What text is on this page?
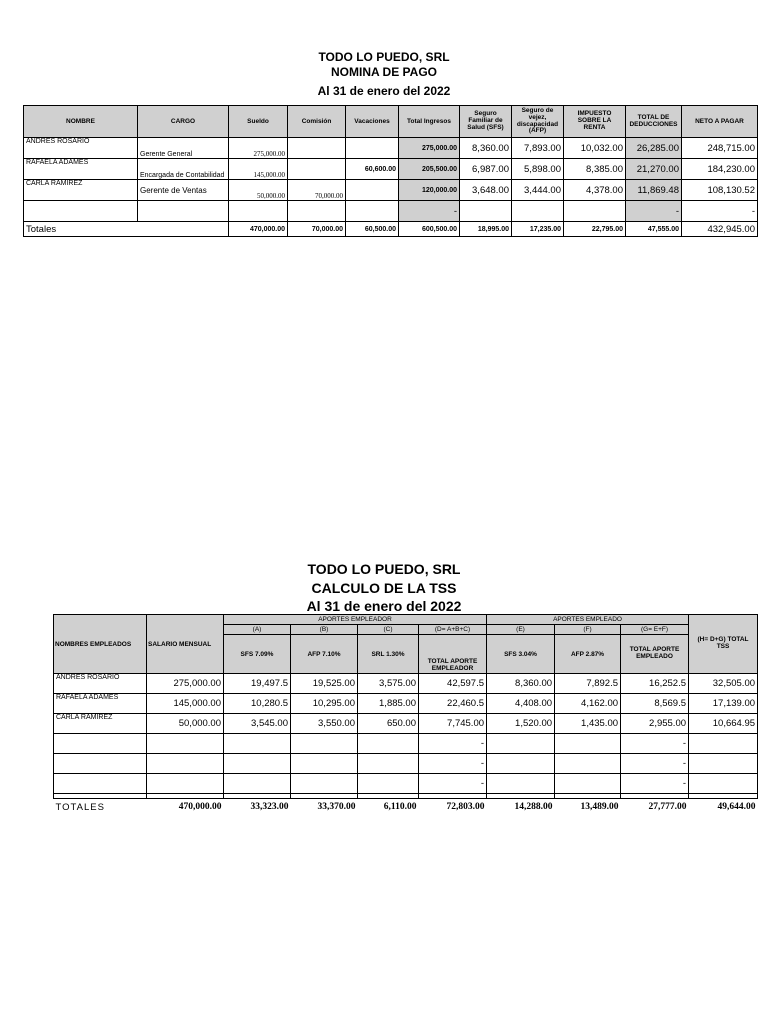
TODO LO PUEDO, SRL
NOMINA DE PAGO
Al 31 de enero del 2022
NOMBRE	CARGO	Sueldo	Comisión	Vacaciones	Total Ingresos	Seguro Familiar de Salud (SFS)	Seguro de vejez, discapacidad (AFP)	IMPUESTO SOBRE LA RENTA	TOTAL DE DEDUCCIONES	NETO A PAGAR
ANDRES ROSARIO	Gerente General	275,000.00			275,000.00	8,360.00	7,893.00	10,032.00	26,285.00	248,715.00
RAFAELA ADAMES	Encargada de Contabilidad	145,000.00		60,600.00	205,500.00	6,987.00	5,898.00	8,385.00	21,270.00	184,230.00
CARLA RAMIREZ	Gerente de Ventas	50,000.00	70,000.00		120,000.00	3,648.00	3,444.00	4,378.00	11,869.48	108,130.52
					-				-	-
Totales		470,000.00	70,000.00	60,500.00	600,500.00	18,995.00	17,235.00	22,795.00	47,555.00	432,945.00
TODO LO PUEDO, SRL
CALCULO DE LA TSS
Al 31 de enero del 2022
NOMBRES EMPLEADOS	SALARIO MENSUAL	APORTES EMPLEADOR				APORTES EMPLEADO			(H= D+G) TOTAL TSS
		(A)	(B)	(C)	(D= A+B+C)	(E)	(F)	(G= E+F)	
		SFS 7.09%	AFP 7.10%	SRL 1.30%	TOTAL APORTE EMPLEADOR	SFS 3.04%	AFP 2.87%	TOTAL APORTE EMPLEADO	
ANDRES ROSARIO	275,000.00	19,497.5	19,525.00	3,575.00	42,597.5	8,360.00	7,892.5	16,252.5	32,505.00
RAFAELA ADAMES	145,000.00	10,280.5	10,295.00	1,885.00	22,460.5	4,408.00	4,162.00	8,569.5	17,139.00
CARLA RAMIREZ	50,000.00	3,545.00	3,550.00	650.00	7,745.00	1,520.00	1,435.00	2,955.00	10,664.95
					-			-	
					-			-	
					-			-	

TOTALES	470,000.00	33,323.00	33,370.00	6,110.00	72,803.00	14,288.00	13,489.00	27,777.00	49,644.00
